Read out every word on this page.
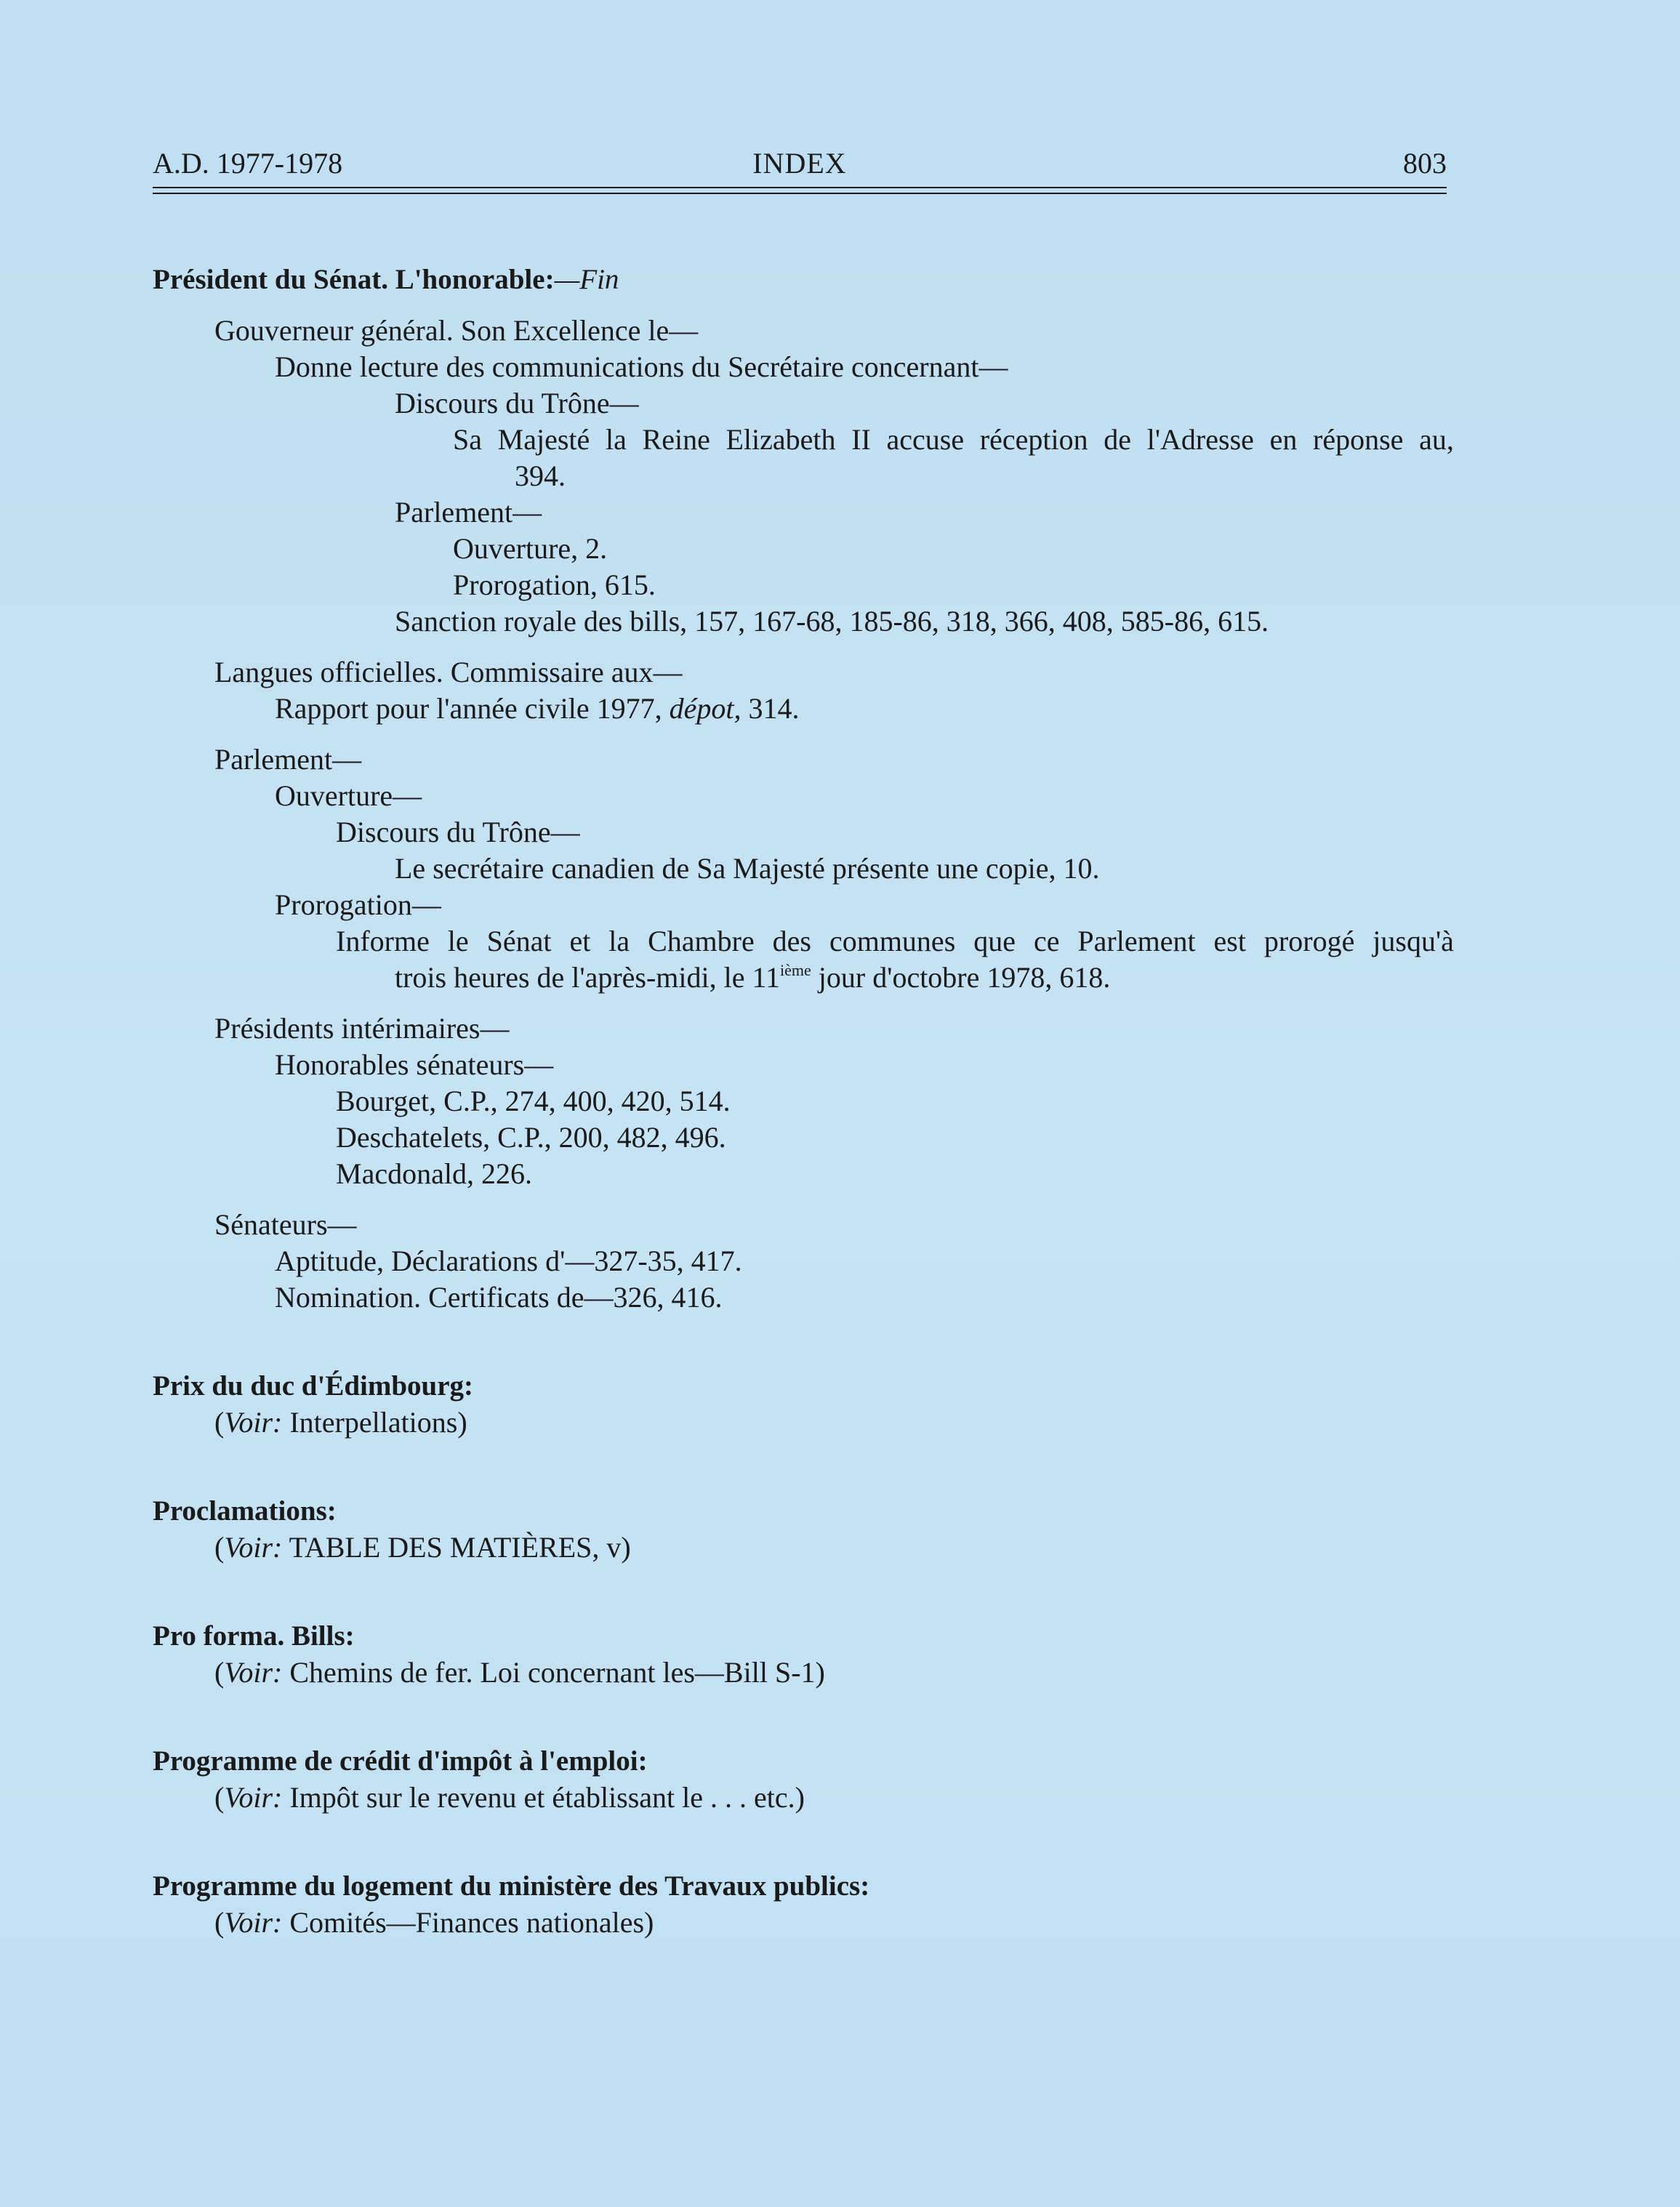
A.D. 1977-1978	INDEX	803
Président du Sénat. L'honorable:—Fin
Gouverneur général. Son Excellence le—
Donne lecture des communications du Secrétaire concernant—
Discours du Trône—
Sa Majesté la Reine Elizabeth II accuse réception de l'Adresse en réponse au,
394.
Parlement—
Ouverture, 2.
Prorogation, 615.
Sanction royale des bills, 157, 167-68, 185-86, 318, 366, 408, 585-86, 615.
Langues officielles. Commissaire aux—
Rapport pour l'année civile 1977, dépot, 314.
Parlement—
Ouverture—
Discours du Trône—
Le secrétaire canadien de Sa Majesté présente une copie, 10.
Prorogation—
Informe le Sénat et la Chambre des communes que ce Parlement est prorogé jusqu'à
trois heures de l'après-midi, le 11ième jour d'octobre 1978, 618.
Présidents intérimaires—
Honorables sénateurs—
Bourget, C.P., 274, 400, 420, 514.
Deschatelets, C.P., 200, 482, 496.
Macdonald, 226.
Sénateurs—
Aptitude, Déclarations d'—327-35, 417.
Nomination. Certificats de—326, 416.
Prix du duc d'Édimbourg:
(Voir: Interpellations)
Proclamations:
(Voir: TABLE DES MATIÈRES, v)
Pro forma. Bills:
(Voir: Chemins de fer. Loi concernant les—Bill S-1)
Programme de crédit d'impôt à l'emploi:
(Voir: Impôt sur le revenu et établissant le . . . etc.)
Programme du logement du ministère des Travaux publics:
(Voir: Comités—Finances nationales)
